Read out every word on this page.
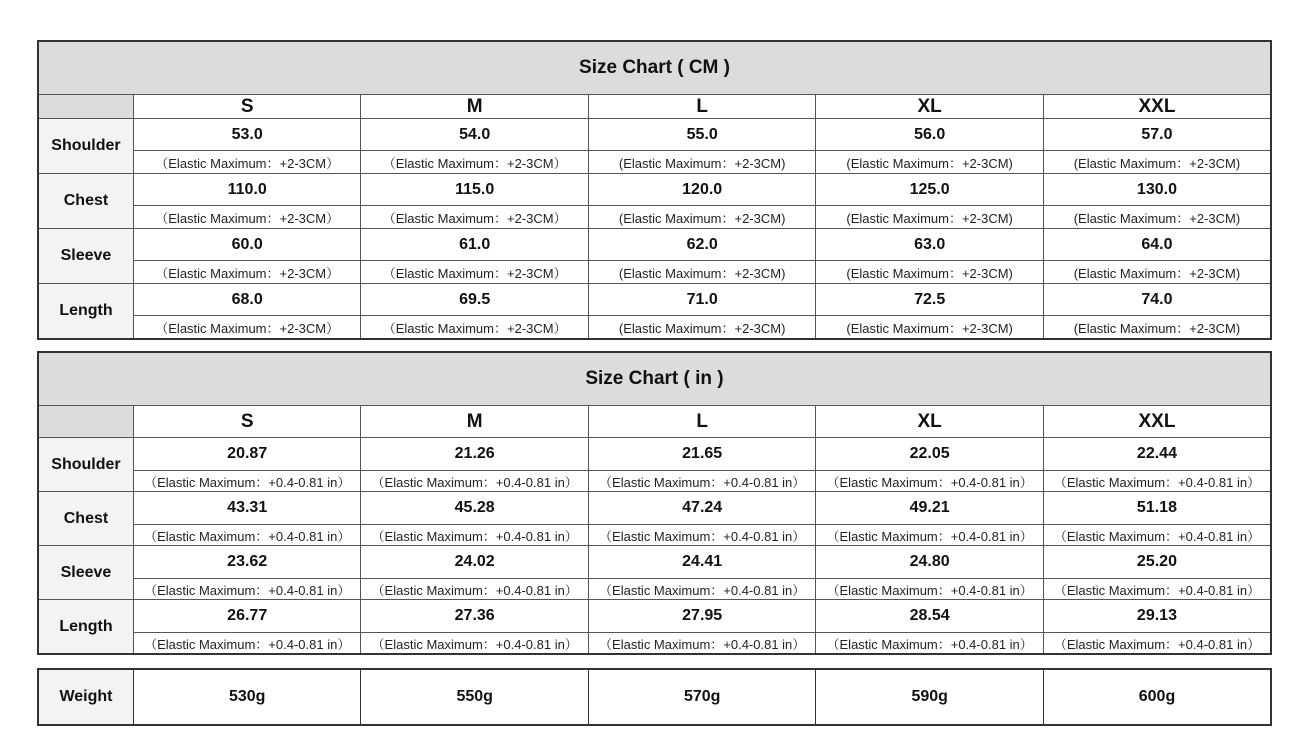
Size Chart ( CM )					
	S	M	L	XL	XXL
Shoulder	53.0	54.0	55.0	56.0	57.0
	（Elastic Maximum：+2-3CM）	（Elastic Maximum：+2-3CM）	(Elastic Maximum：+2-3CM)	(Elastic Maximum：+2-3CM)	(Elastic Maximum：+2-3CM)
Chest	110.0	115.0	120.0	125.0	130.0
	（Elastic Maximum：+2-3CM）	（Elastic Maximum：+2-3CM）	(Elastic Maximum：+2-3CM)	(Elastic Maximum：+2-3CM)	(Elastic Maximum：+2-3CM)
Sleeve	60.0	61.0	62.0	63.0	64.0
	（Elastic Maximum：+2-3CM）	（Elastic Maximum：+2-3CM）	(Elastic Maximum：+2-3CM)	(Elastic Maximum：+2-3CM)	(Elastic Maximum：+2-3CM)
Length	68.0	69.5	71.0	72.5	74.0
	（Elastic Maximum：+2-3CM）	（Elastic Maximum：+2-3CM）	(Elastic Maximum：+2-3CM)	(Elastic Maximum：+2-3CM)	(Elastic Maximum：+2-3CM)
Size Chart ( in )					
	S	M	L	XL	XXL
Shoulder	20.87	21.26	21.65	22.05	22.44
	（Elastic Maximum：+0.4-0.81 in）	（Elastic Maximum：+0.4-0.81 in）	（Elastic Maximum：+0.4-0.81 in）	（Elastic Maximum：+0.4-0.81 in）	（Elastic Maximum：+0.4-0.81 in）
Chest	43.31	45.28	47.24	49.21	51.18
	（Elastic Maximum：+0.4-0.81 in）	（Elastic Maximum：+0.4-0.81 in）	（Elastic Maximum：+0.4-0.81 in）	（Elastic Maximum：+0.4-0.81 in）	（Elastic Maximum：+0.4-0.81 in）
Sleeve	23.62	24.02	24.41	24.80	25.20
	（Elastic Maximum：+0.4-0.81 in）	（Elastic Maximum：+0.4-0.81 in）	（Elastic Maximum：+0.4-0.81 in）	（Elastic Maximum：+0.4-0.81 in）	（Elastic Maximum：+0.4-0.81 in）
Length	26.77	27.36	27.95	28.54	29.13
	（Elastic Maximum：+0.4-0.81 in）	（Elastic Maximum：+0.4-0.81 in）	（Elastic Maximum：+0.4-0.81 in）	（Elastic Maximum：+0.4-0.81 in）	（Elastic Maximum：+0.4-0.81 in）
Weight	530g	550g	570g	590g	600g
